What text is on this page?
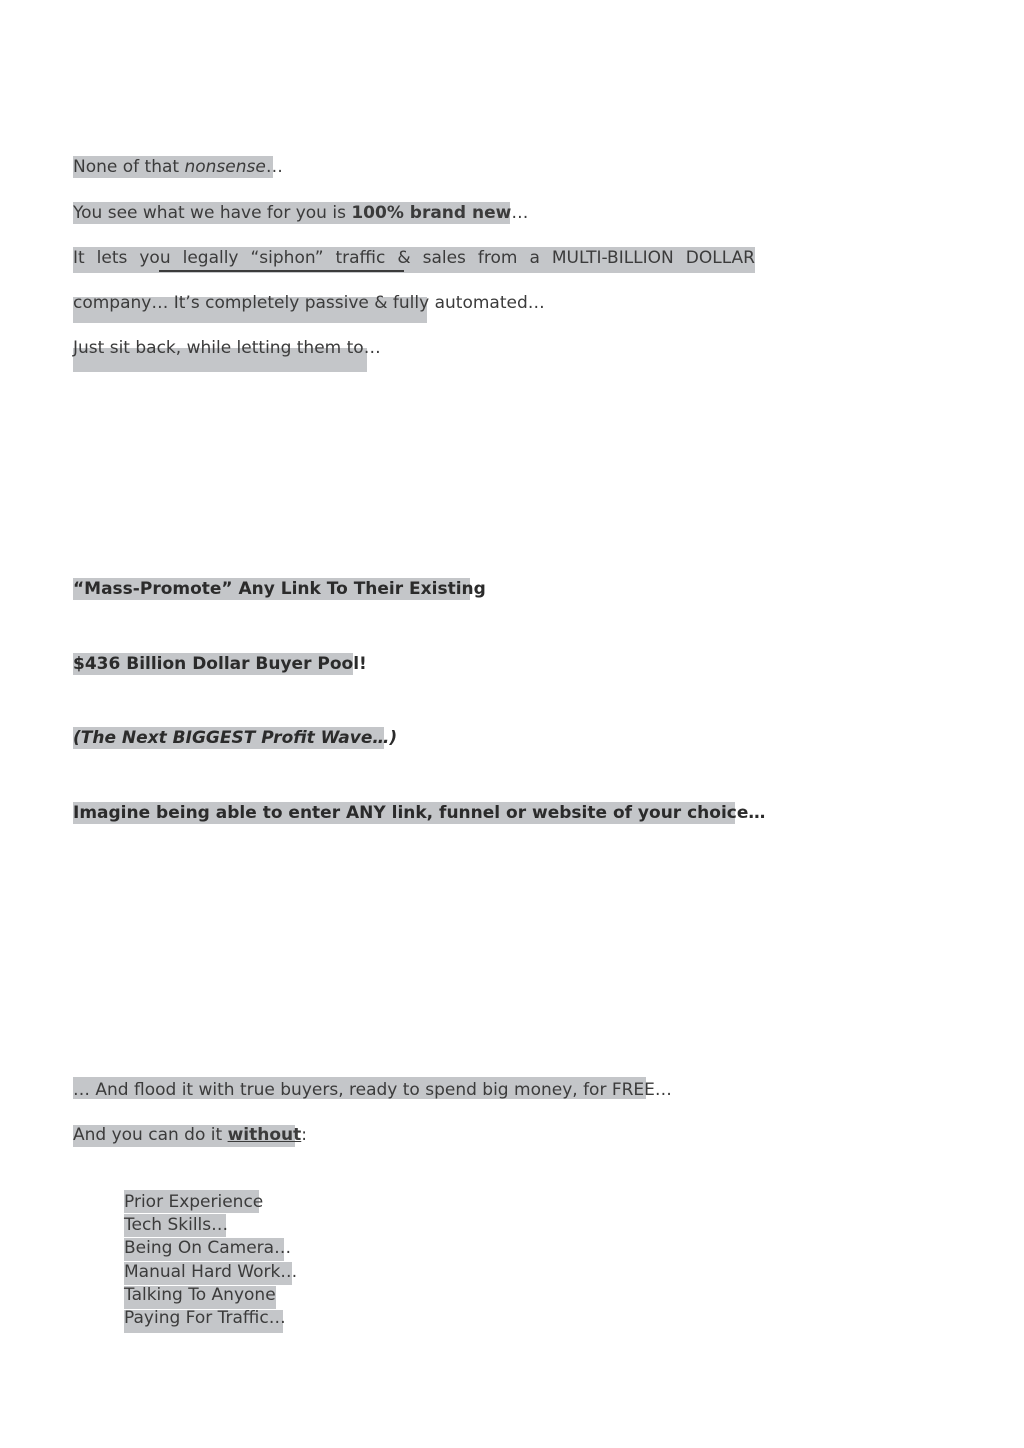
None of that nonsense…
You see what we have for you is 100% brand new…
It lets you legally “siphon” traffic & sales from a MULTI-BILLION DOLLAR
company… It’s completely passive & fully automated…
Just sit back, while letting them to…
“Mass-Promote” Any Link To Their Existing
$436 Billion Dollar Buyer Pool!
(The Next BIGGEST Profit Wave…)
Imagine being able to enter ANY link, funnel or website of your choice…
… And flood it with true buyers, ready to spend big money, for FREE…
And you can do it without:
Prior Experience
Tech Skills…
Being On Camera…
Manual Hard Work…
Talking To Anyone
Paying For Traffic…
